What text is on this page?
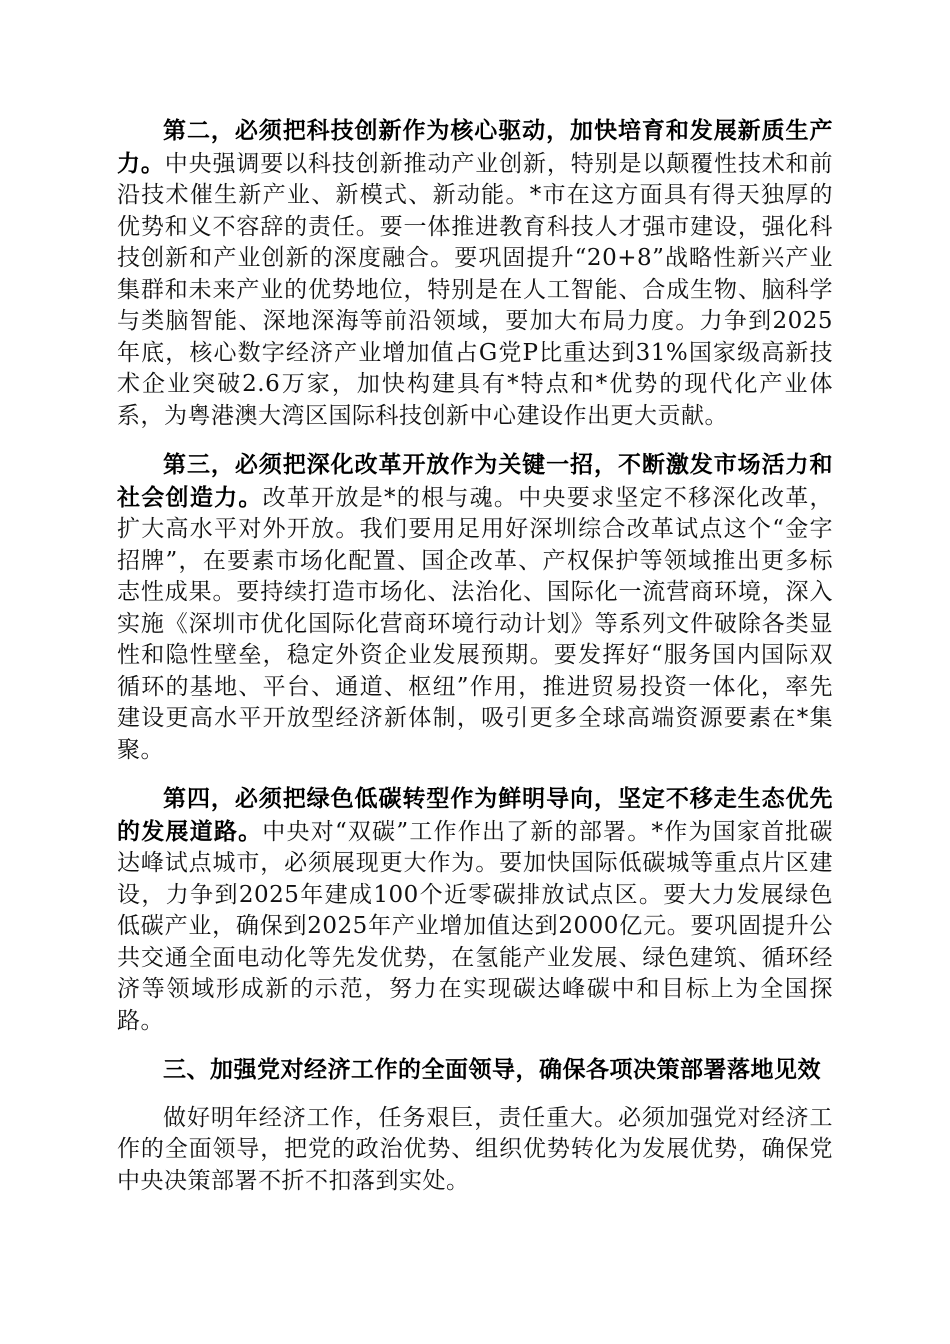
第二，必须把科技创新作为核心驱动，加快培育和发展新质生产力。中央强调要以科技创新推动产业创新，特别是以颠覆性技术和前沿技术催生新产业、新模式、新动能。*市在这方面具有得天独厚的优势和义不容辞的责任。要一体推进教育科技人才强市建设，强化科技创新和产业创新的深度融合。要巩固提升“20+8”战略性新兴产业集群和未来产业的优势地位，特别是在人工智能、合成生物、脑科学与类脑智能、深地深海等前沿领域，要加大布局力度。力争到2025年底，核心数字经济产业增加值占G党P比重达到31%国家级高新技术企业突破2.6万家，加快构建具有*特点和*优势的现代化产业体系，为粤港澳大湾区国际科技创新中心建设作出更大贡献。

第三，必须把深化改革开放作为关键一招，不断激发市场活力和社会创造力。改革开放是*的根与魂。中央要求坚定不移深化改革，扩大高水平对外开放。我们要用足用好深圳综合改革试点这个“金字招牌”，在要素市场化配置、国企改革、产权保护等领域推出更多标志性成果。要持续打造市场化、法治化、国际化一流营商环境，深入实施《深圳市优化国际化营商环境行动计划》等系列文件破除各类显性和隐性壁垒，稳定外资企业发展预期。要发挥好“服务国内国际双循环的基地、平台、通道、枢纽”作用，推进贸易投资一体化，率先建设更高水平开放型经济新体制，吸引更多全球高端资源要素在*集聚。

第四，必须把绿色低碳转型作为鲜明导向，坚定不移走生态优先的发展道路。中央对“双碳”工作作出了新的部署。*作为国家首批碳达峰试点城市，必须展现更大作为。要加快国际低碳城等重点片区建设，力争到2025年建成100个近零碳排放试点区。要大力发展绿色低碳产业，确保到2025年产业增加值达到2000亿元。要巩固提升公共交通全面电动化等先发优势，在氢能产业发展、绿色建筑、循环经济等领域形成新的示范，努力在实现碳达峰碳中和目标上为全国探路。

三、加强党对经济工作的全面领导，确保各项决策部署落地见效

做好明年经济工作，任务艰巨，责任重大。必须加强党对经济工作的全面领导，把党的政治优势、组织优势转化为发展优势，确保党中央决策部署不折不扣落到实处。
